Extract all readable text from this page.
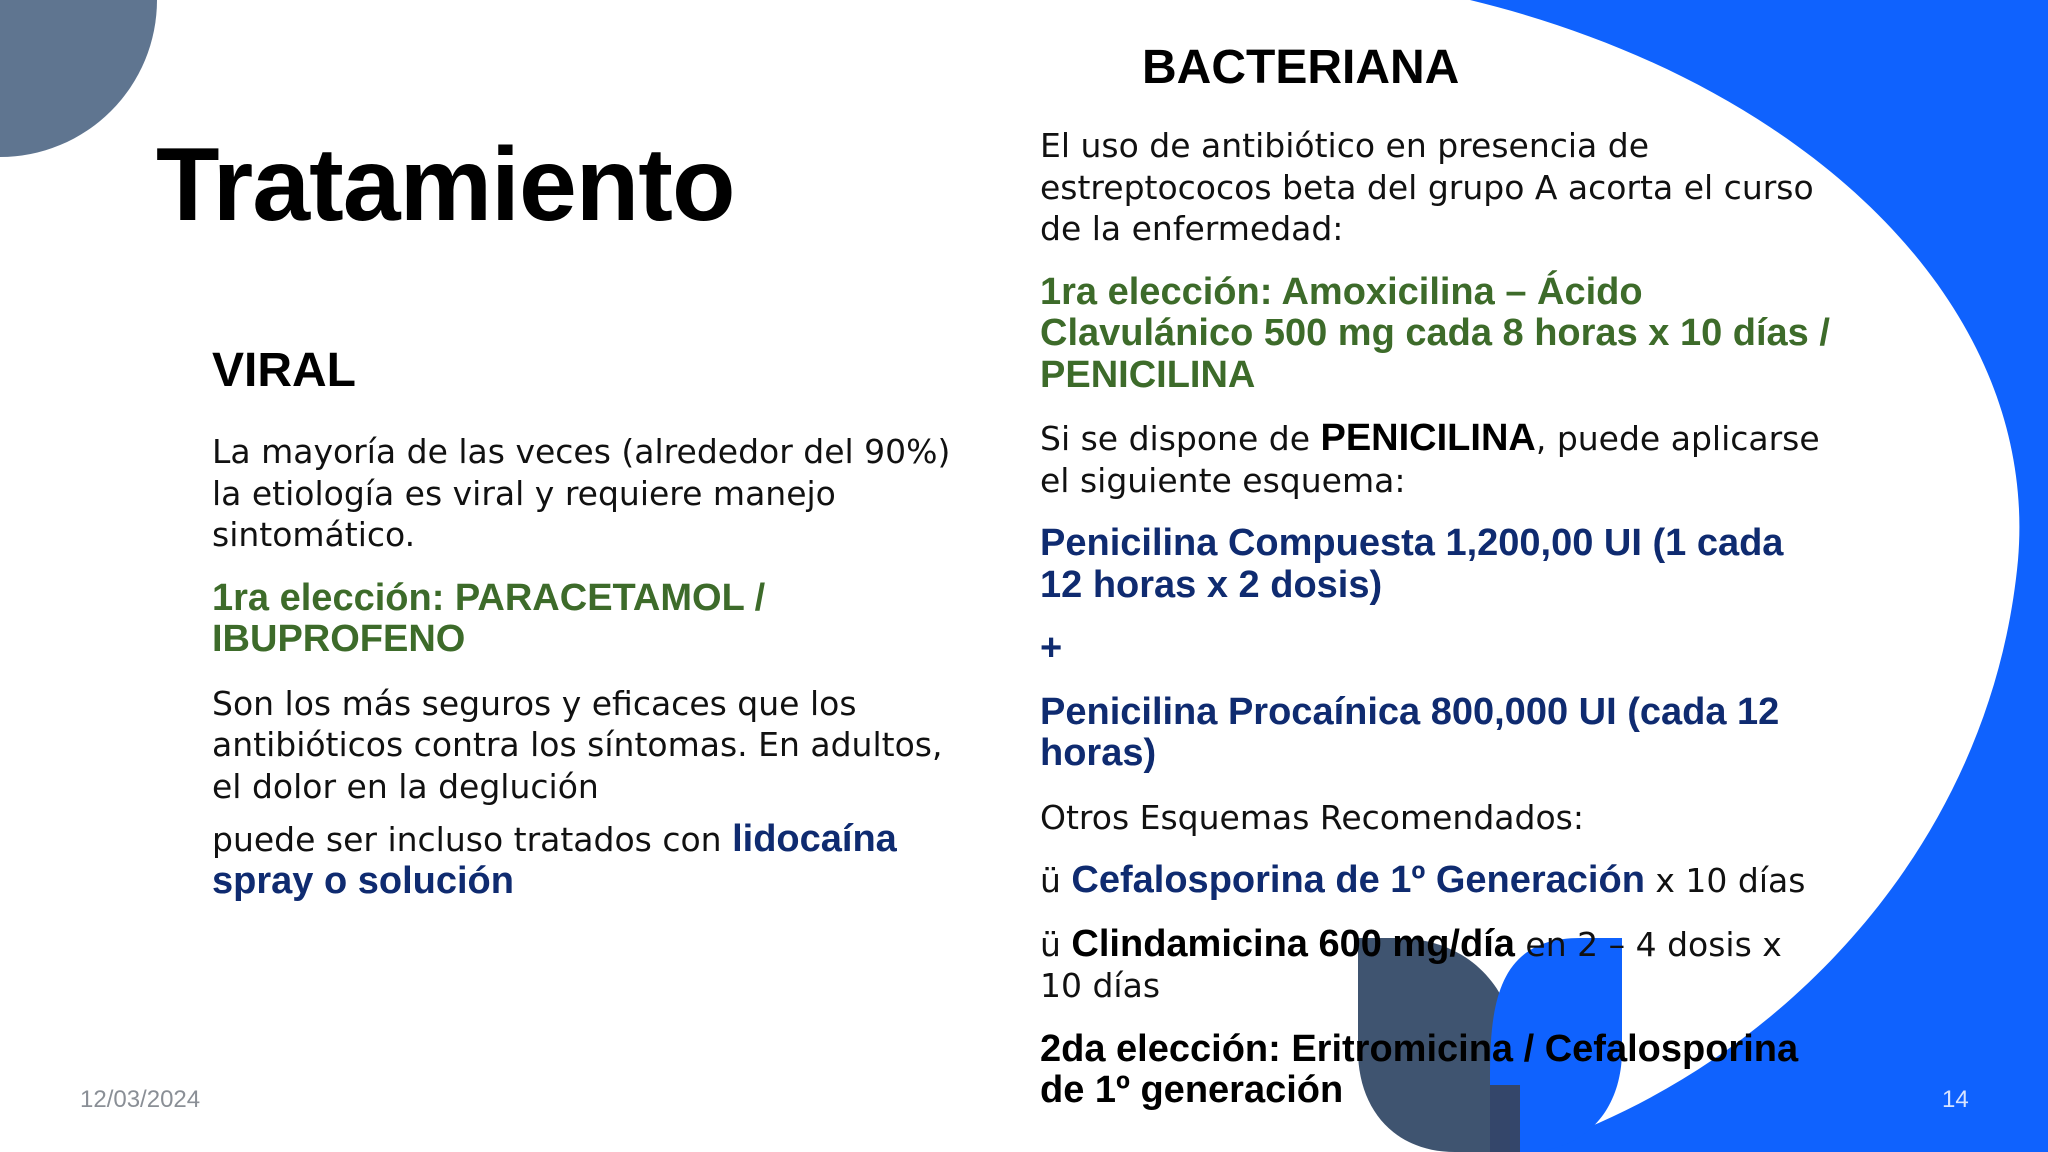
Tratamiento
VIRAL

La mayoría de las veces (alrededor del 90%) la etiología es viral y requiere manejo sintomático.

1ra elección: PARACETAMOL / IBUPROFENO

Son los más seguros y eficaces que los antibióticos contra los síntomas. En adultos, el dolor en la deglución

puede ser incluso tratados con lidocaína spray o solución

BACTERIANA

El uso de antibiótico en presencia de estreptococos beta del grupo A acorta el curso de la enfermedad:

1ra elección: Amoxicilina – Ácido Clavulánico 500 mg cada 8 horas x 10 días / PENICILINA

Si se dispone de PENICILINA, puede aplicarse el siguiente esquema:

Penicilina Compuesta 1,200,00 UI (1 cada 12 horas x 2 dosis)

+

Penicilina Procaínica 800,000 UI (cada 12 horas)

Otros Esquemas Recomendados:

ü Cefalosporina de 1º Generación x 10 días

ü Clindamicina 600 mg/día en 2 – 4 dosis x 10 días

2da elección: Eritromicina / Cefalosporina de 1º generación

12/03/2024	14
